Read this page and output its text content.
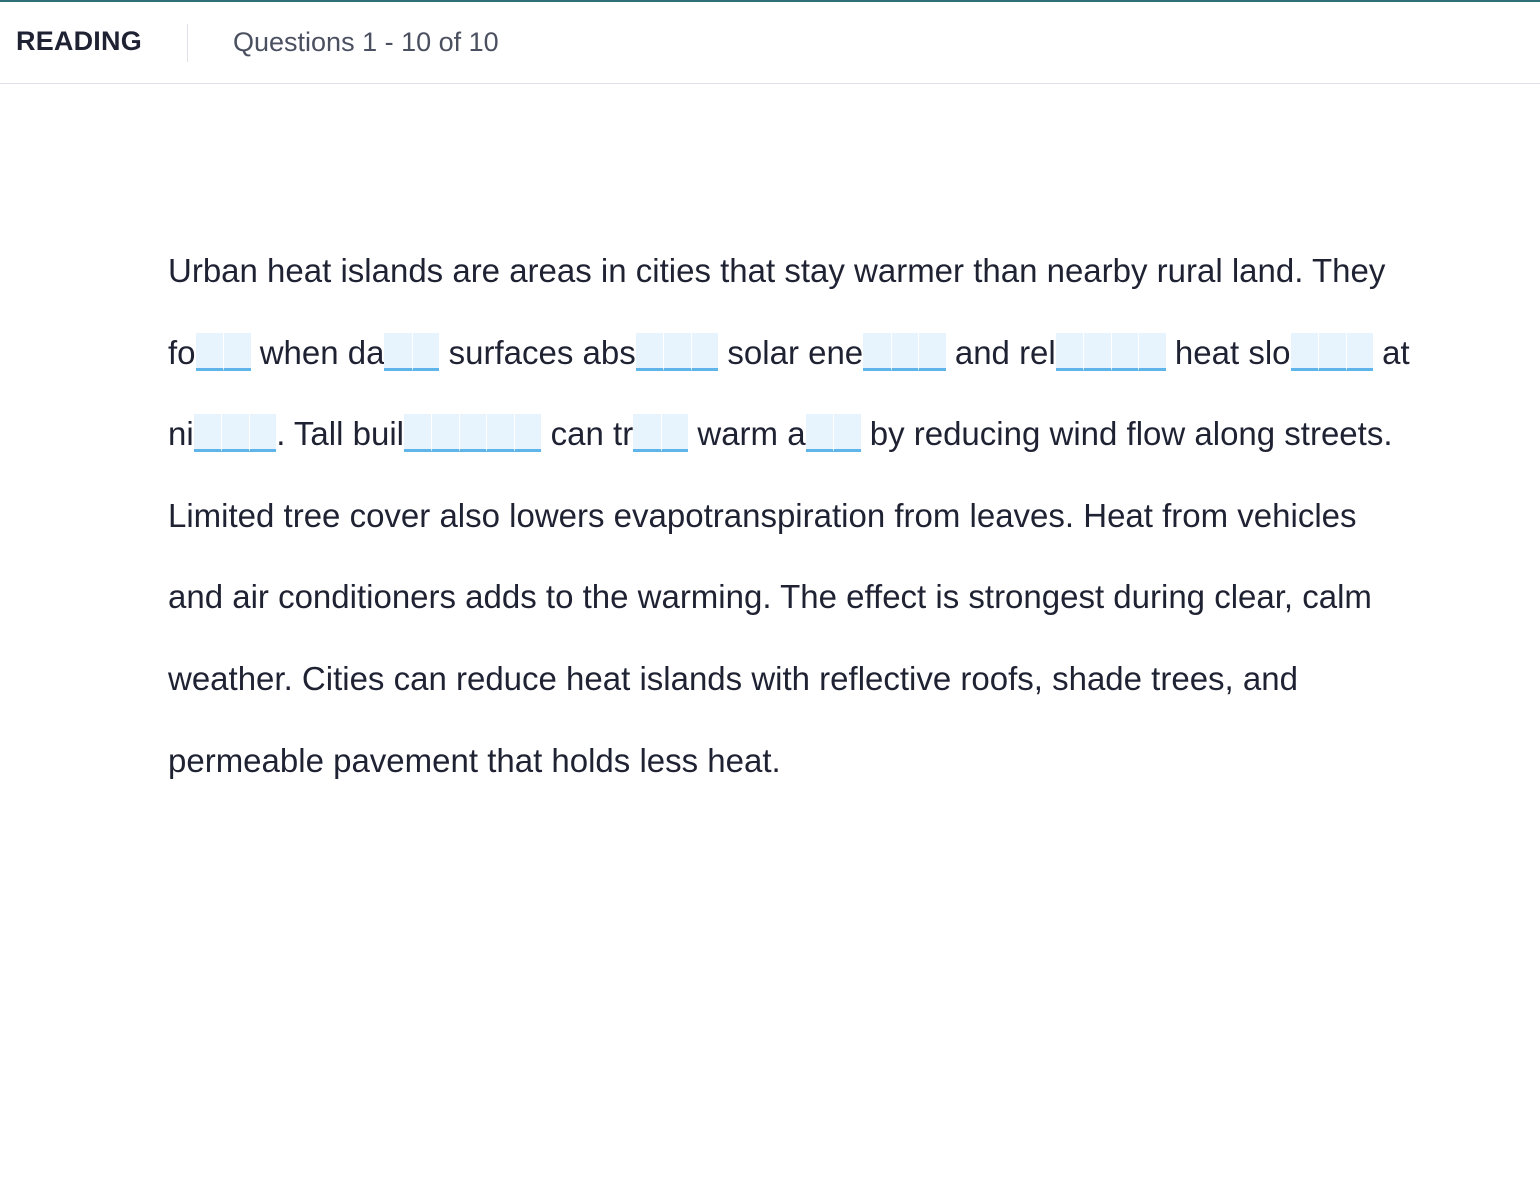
READING	Questions 1 - 10 of 10
Urban heat islands are areas in cities that stay warmer than nearby rural land. They fo
when da
surfaces abs	solar ene	and rel	heat slo	at ni	. Tall buil	can tr
warm a
by reducing wind flow along streets. Limited tree cover also lowers evapotranspiration from leaves. Heat from vehicles and air conditioners adds to the warming. The effect is strongest during clear, calm weather. Cities can reduce heat islands with reflective roofs, shade trees, and permeable pavement that holds less heat.
